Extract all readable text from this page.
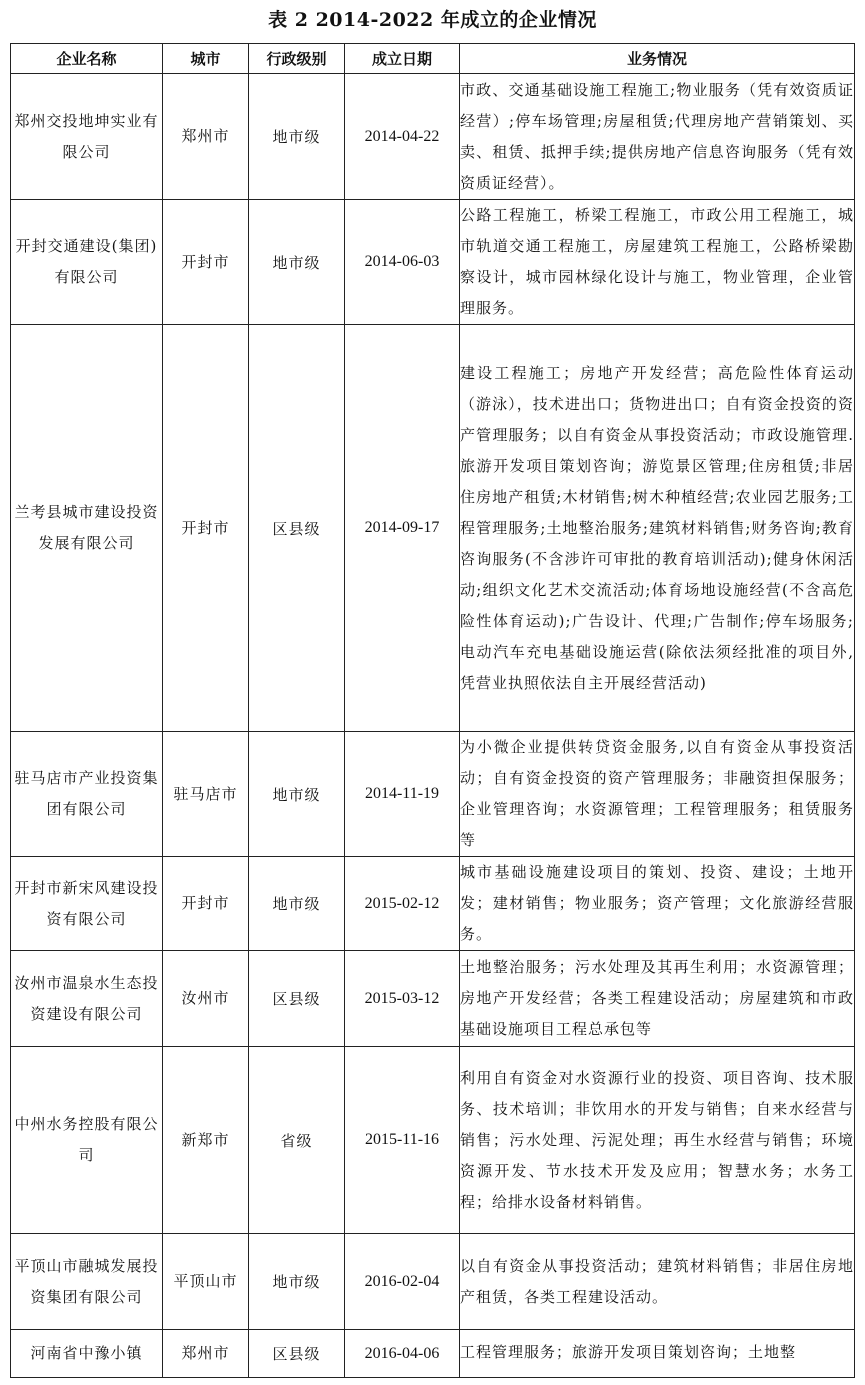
表 2 2014-2022 年成立的企业情况
企业名称	城市	行政级别	成立日期	业务情况
郑州交投地坤实业有限公司	郑州市	地市级	2014-04-22	市政、交通基础设施工程施工;物业服务（凭有效资质证经营）;停车场管理;房屋租赁;代理房地产营销策划、买卖、租赁、抵押手续;提供房地产信息咨询服务（凭有效资质证经营）。
开封交通建设(集团)有限公司	开封市	地市级	2014-06-03	公路工程施工，桥梁工程施工，市政公用工程施工，城市轨道交通工程施工，房屋建筑工程施工，公路桥梁勘察设计，城市园林绿化设计与施工，物业管理，企业管理服务。
兰考县城市建设投资发展有限公司	开封市	区县级	2014-09-17	建设工程施工；房地产开发经营；高危险性体育运动（游泳），技术进出口；货物进出口；自有资金投资的资产管理服务；以自有资金从事投资活动；市政设施管理. 旅游开发项目策划咨询；游览景区管理;住房租赁;非居住房地产租赁;木材销售;树木种植经营;农业园艺服务;工程管理服务;土地整治服务;建筑材料销售;财务咨询;教育咨询服务(不含涉许可审批的教育培训活动);健身休闲活动;组织文化艺术交流活动;体育场地设施经营(不含高危险性体育运动);广告设计、代理;广告制作;停车场服务;电动汽车充电基础设施运营(除依法须经批准的项目外,凭营业执照依法自主开展经营活动)
驻马店市产业投资集团有限公司	驻马店市	地市级	2014-11-19	为小微企业提供转贷资金服务,以自有资金从事投资活动；自有资金投资的资产管理服务；非融资担保服务；企业管理咨询；水资源管理；工程管理服务；租赁服务等
开封市新宋风建设投资有限公司	开封市	地市级	2015-02-12	城市基础设施建设项目的策划、投资、建设；土地开发；建材销售；物业服务；资产管理；文化旅游经营服务。
汝州市温泉水生态投资建设有限公司	汝州市	区县级	2015-03-12	土地整治服务；污水处理及其再生利用；水资源管理；房地产开发经营；各类工程建设活动；房屋建筑和市政基础设施项目工程总承包等
中州水务控股有限公司	新郑市	省级	2015-11-16	利用自有资金对水资源行业的投资、项目咨询、技术服务、技术培训；非饮用水的开发与销售；自来水经营与销售；污水处理、污泥处理；再生水经营与销售；环境资源开发、节水技术开发及应用；智慧水务；水务工程；给排水设备材料销售。
平顶山市融城发展投资集团有限公司	平顶山市	地市级	2016-02-04	以自有资金从事投资活动；建筑材料销售；非居住房地产租赁，各类工程建设活动。
河南省中豫小镇	郑州市	区县级	2016-04-06	工程管理服务；旅游开发项目策划咨询；土地整
